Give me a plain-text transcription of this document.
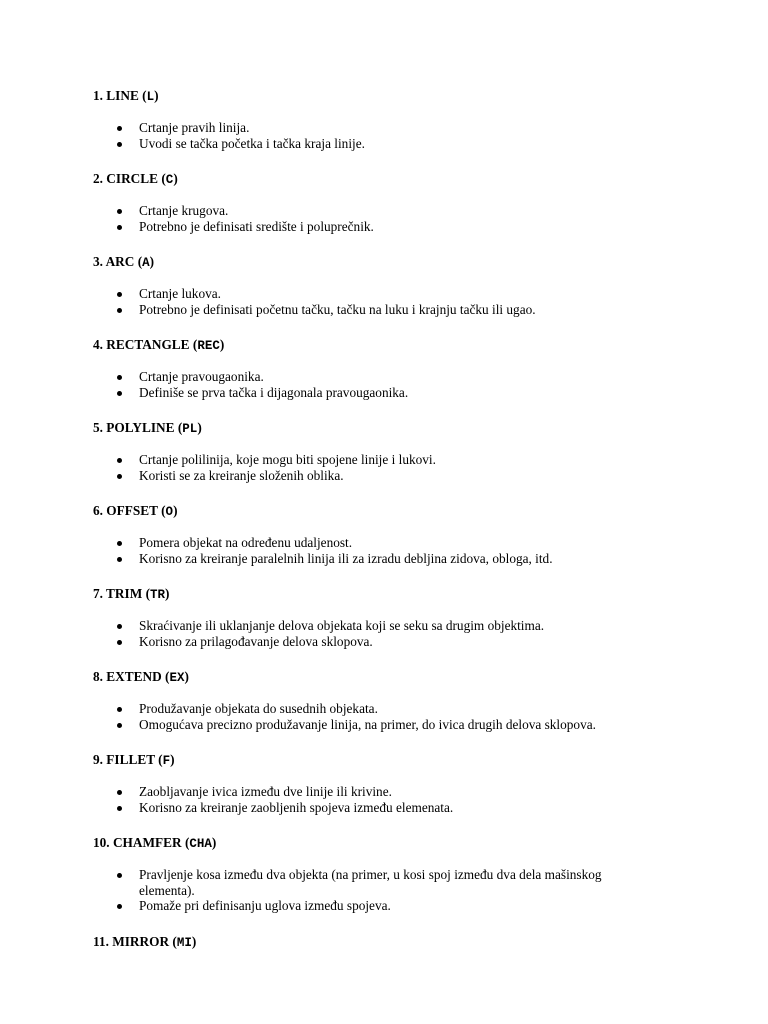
1. LINE (L)

Crtanje pravih linija.
Uvodi se tačka početka i tačka kraja linije.

2. CIRCLE (C)

Crtanje krugova.
Potrebno je definisati središte i poluprečnik.

3. ARC (A)

Crtanje lukova.
Potrebno je definisati početnu tačku, tačku na luku i krajnju tačku ili ugao.

4. RECTANGLE (REC)

Crtanje pravougaonika.
Definiše se prva tačka i dijagonala pravougaonika.

5. POLYLINE (PL)

Crtanje polilinija, koje mogu biti spojene linije i lukovi.
Koristi se za kreiranje složenih oblika.

6. OFFSET (O)

Pomera objekat na određenu udaljenost.
Korisno za kreiranje paralelnih linija ili za izradu debljina zidova, obloga, itd.

7. TRIM (TR)

Skraćivanje ili uklanjanje delova objekata koji se seku sa drugim objektima.
Korisno za prilagođavanje delova sklopova.

8. EXTEND (EX)

Produžavanje objekata do susednih objekata.
Omogućava precizno produžavanje linija, na primer, do ivica drugih delova sklopova.

9. FILLET (F)

Zaobljavanje ivica između dve linije ili krivine.
Korisno za kreiranje zaobljenih spojeva između elemenata.

10. CHAMFER (CHA)

Pravljenje kosa između dva objekta (na primer, u kosi spoj između dva dela mašinskog elementa).
Pomaže pri definisanju uglova između spojeva.

11. MIRROR (MI)
